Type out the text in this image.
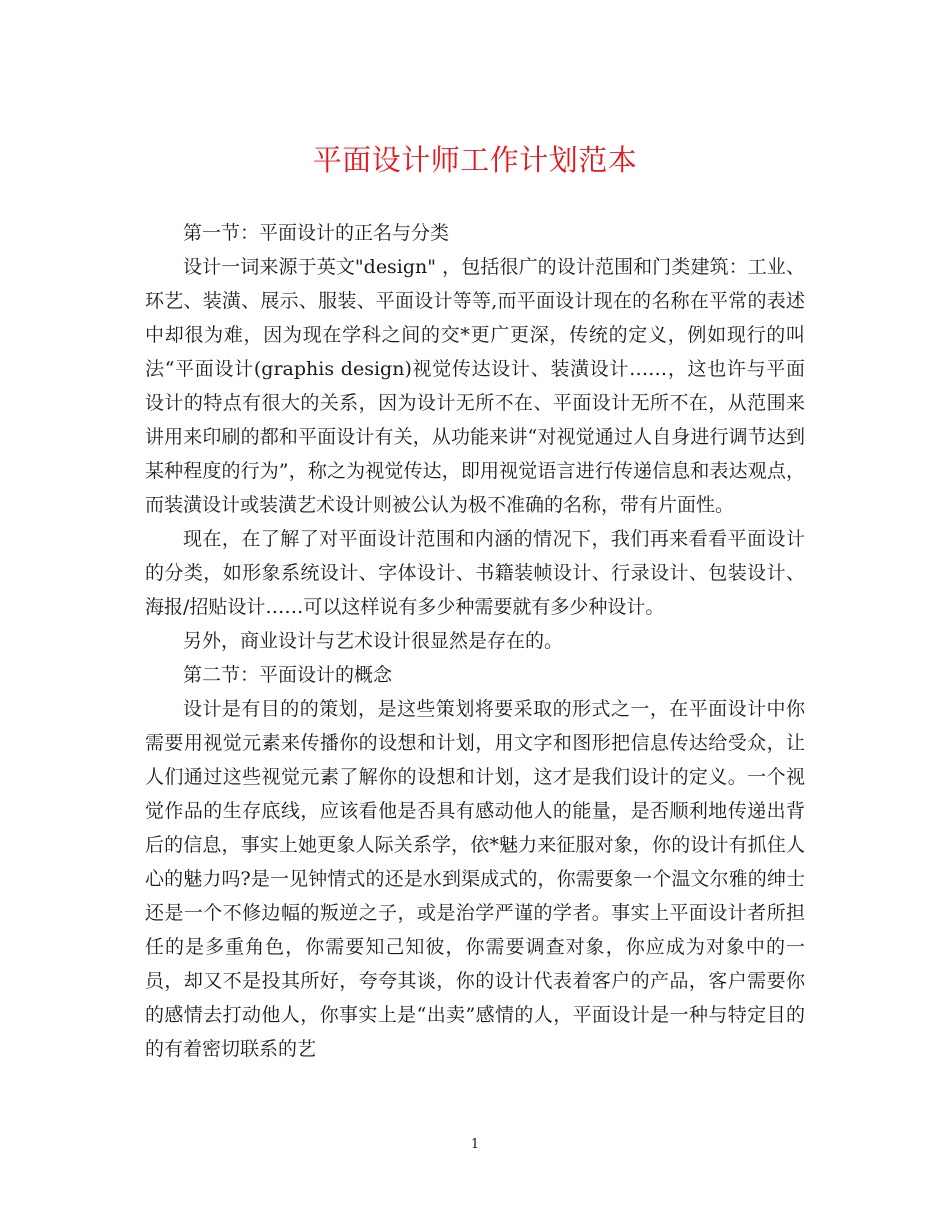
平面设计师工作计划范本

第一节：平面设计的正名与分类

设计一词来源于英文"design" ，包括很广的设计范围和门类建筑：工业、环艺、装潢、展示、服装、平面设计等等,而平面设计现在的名称在平常的表述中却很为难，因为现在学科之间的交*更广更深，传统的定义，例如现行的叫法“平面设计(graphis design)视觉传达设计、装潢设计……，这也许与平面设计的特点有很大的关系，因为设计无所不在、平面设计无所不在，从范围来讲用来印刷的都和平面设计有关，从功能来讲“对视觉通过人自身进行调节达到某种程度的行为”，称之为视觉传达，即用视觉语言进行传递信息和表达观点，而装潢设计或装潢艺术设计则被公认为极不准确的名称，带有片面性。

现在，在了解了对平面设计范围和内涵的情况下，我们再来看看平面设计的分类，如形象系统设计、字体设计、书籍装帧设计、行录设计、包装设计、海报/招贴设计……可以这样说有多少种需要就有多少种设计。

另外，商业设计与艺术设计很显然是存在的。

第二节：平面设计的概念

设计是有目的的策划，是这些策划将要采取的形式之一，在平面设计中你需要用视觉元素来传播你的设想和计划，用文字和图形把信息传达给受众，让人们通过这些视觉元素了解你的设想和计划，这才是我们设计的定义。一个视觉作品的生存底线，应该看他是否具有感动他人的能量，是否顺利地传递出背后的信息，事实上她更象人际关系学，依*魅力来征服对象，你的设计有抓住人心的魅力吗?是一见钟情式的还是水到渠成式的，你需要象一个温文尔雅的绅士还是一个不修边幅的叛逆之子，或是治学严谨的学者。事实上平面设计者所担任的是多重角色，你需要知己知彼，你需要调查对象，你应成为对象中的一员，却又不是投其所好，夸夸其谈，你的设计代表着客户的产品，客户需要你的感情去打动他人，你事实上是“出卖”感情的人，平面设计是一种与特定目的的有着密切联系的艺

1
